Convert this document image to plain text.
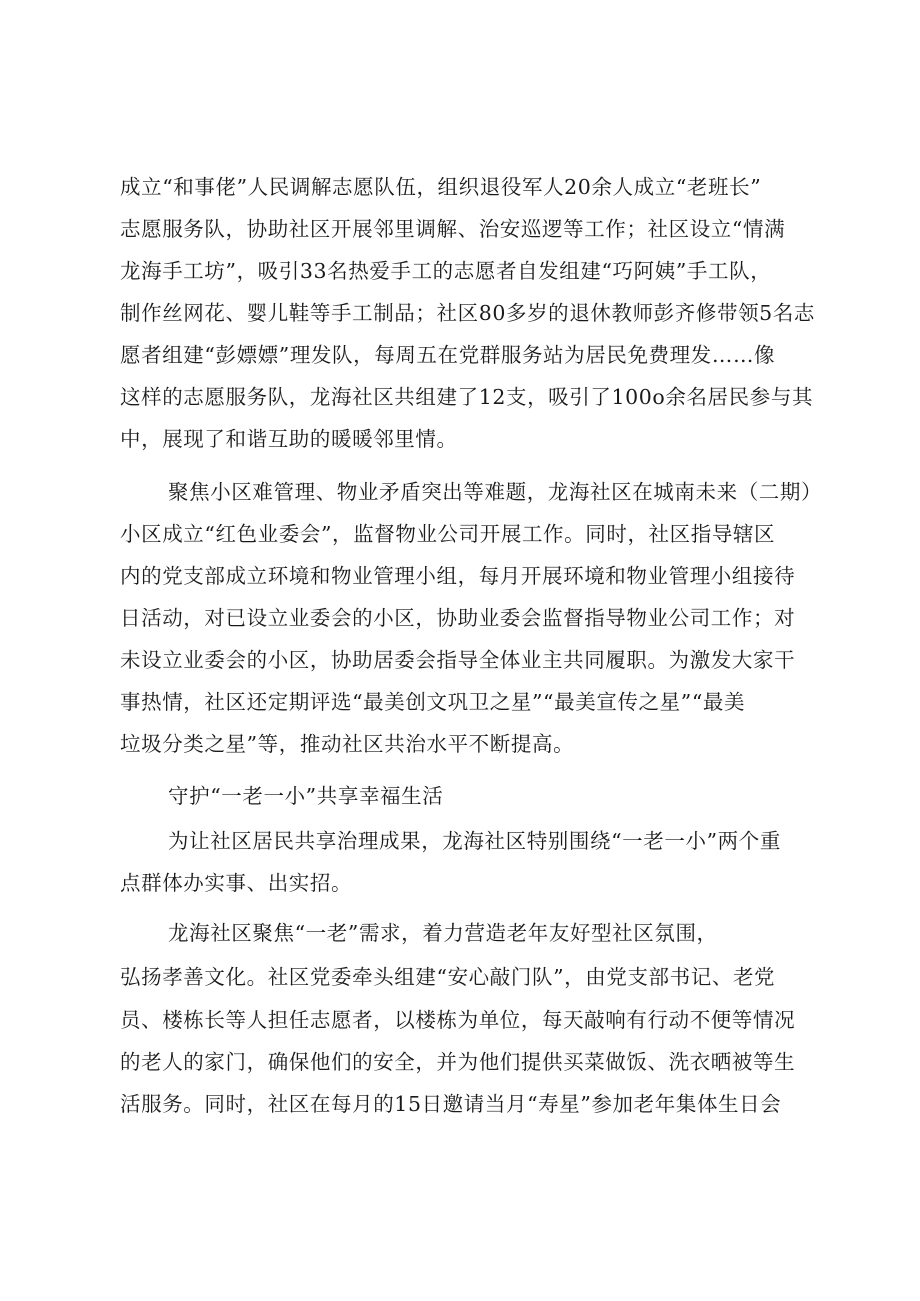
成立“和事佬”人民调解志愿队伍，组织退役军人20余人成立“老班长”
志愿服务队，协助社区开展邻里调解、治安巡逻等工作；社区设立“情满
龙海手工坊”，吸引33名热爱手工的志愿者自发组建“巧阿姨”手工队，
制作丝网花、婴儿鞋等手工制品；社区80多岁的退休教师彭齐修带领5名志
愿者组建“彭嫖嫖”理发队，每周五在党群服务站为居民免费理发……像
这样的志愿服务队，龙海社区共组建了12支，吸引了100o余名居民参与其
中，展现了和谐互助的暖暖邻里情。
聚焦小区难管理、物业矛盾突出等难题，龙海社区在城南未来（二期）
小区成立“红色业委会”，监督物业公司开展工作。同时，社区指导辖区
内的党支部成立环境和物业管理小组，每月开展环境和物业管理小组接待
日活动，对已设立业委会的小区，协助业委会监督指导物业公司工作；对
未设立业委会的小区，协助居委会指导全体业主共同履职。为激发大家干
事热情，社区还定期评选“最美创文巩卫之星”“最美宣传之星”“最美
垃圾分类之星”等，推动社区共治水平不断提高。
守护“一老一小”共享幸福生活
为让社区居民共享治理成果，龙海社区特别围绕“一老一小”两个重
点群体办实事、出实招。
龙海社区聚焦“一老”需求，着力营造老年友好型社区氛围，
弘扬孝善文化。社区党委牵头组建“安心敲门队”，由党支部书记、老党
员、楼栋长等人担任志愿者，以楼栋为单位，每天敲响有行动不便等情况
的老人的家门，确保他们的安全，并为他们提供买菜做饭、洗衣晒被等生
活服务。同时，社区在每月的15日邀请当月“寿星”参加老年集体生日会
